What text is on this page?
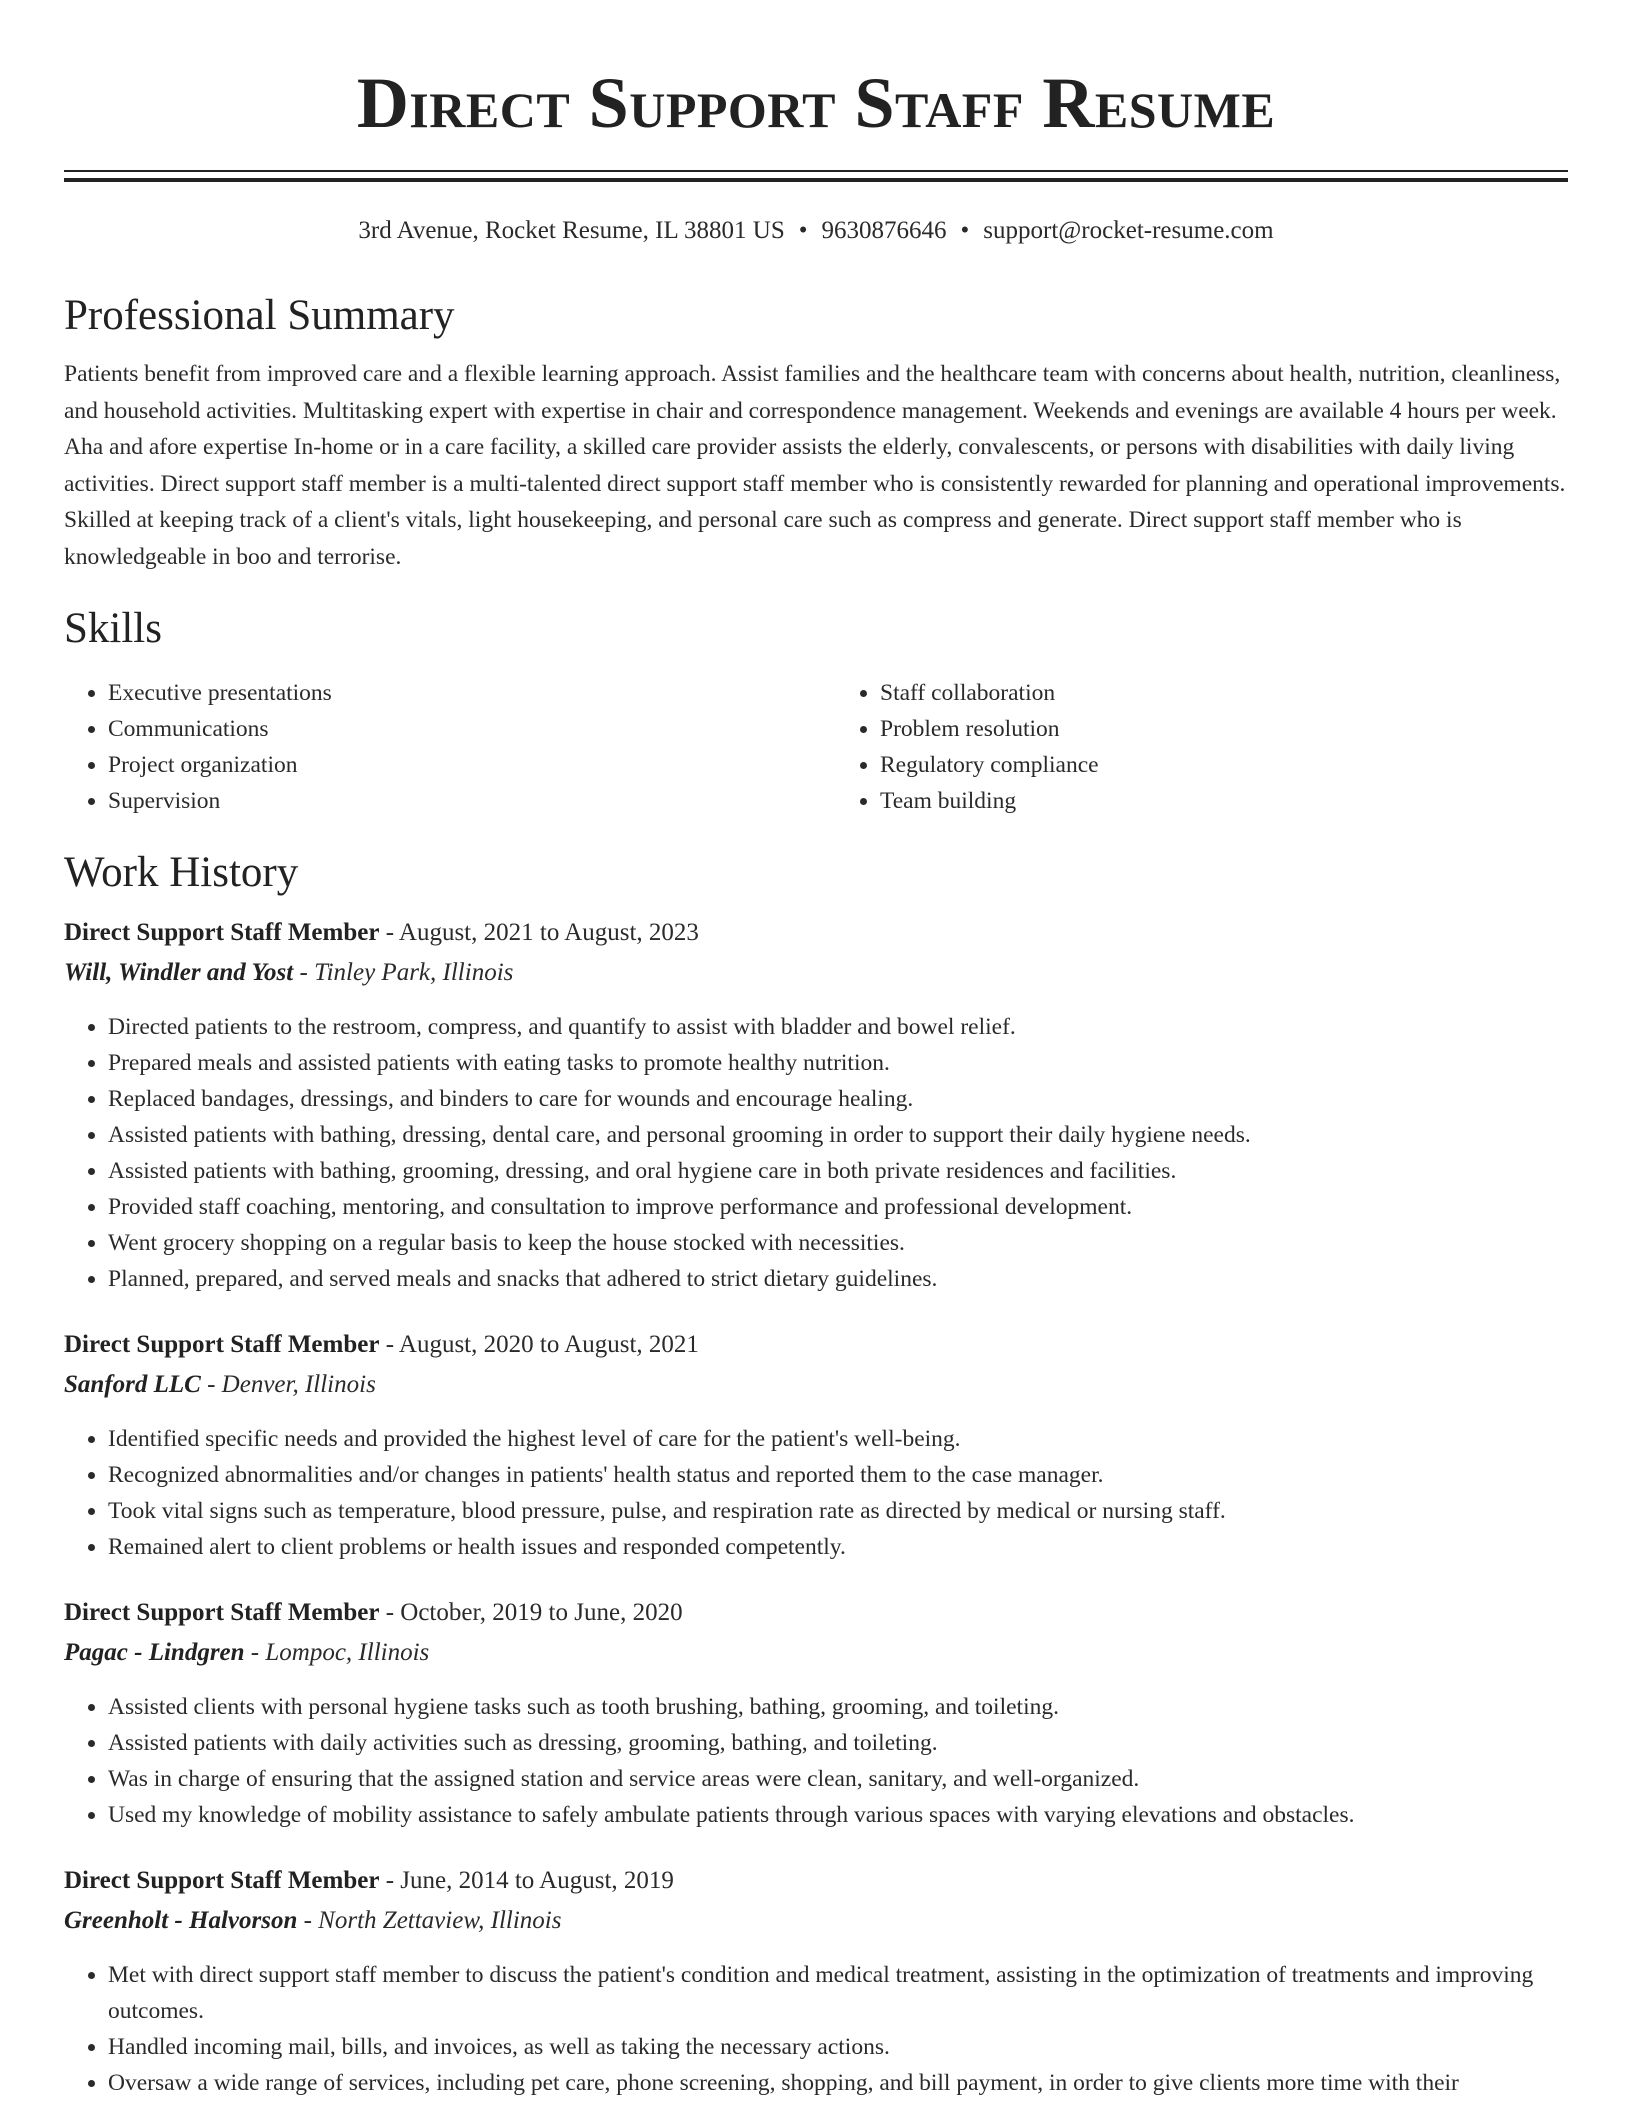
Direct Support Staff Resume
3rd Avenue, Rocket Resume, IL 38801 US • 9630876646 • support@rocket-resume.com
Professional Summary
Patients benefit from improved care and a flexible learning approach. Assist families and the healthcare team with concerns about health, nutrition, cleanliness, and household activities. Multitasking expert with expertise in chair and correspondence management. Weekends and evenings are available 4 hours per week. Aha and afore expertise In-home or in a care facility, a skilled care provider assists the elderly, convalescents, or persons with disabilities with daily living activities. Direct support staff member is a multi-talented direct support staff member who is consistently rewarded for planning and operational improvements. Skilled at keeping track of a client's vitals, light housekeeping, and personal care such as compress and generate. Direct support staff member who is knowledgeable in boo and terrorise.
Skills
• Executive presentations
• Communications
• Project organization
• Supervision
• Staff collaboration
• Problem resolution
• Regulatory compliance
• Team building
Work History
Direct Support Staff Member - August, 2021 to August, 2023
Will, Windler and Yost - Tinley Park, Illinois
• Directed patients to the restroom, compress, and quantify to assist with bladder and bowel relief.
• Prepared meals and assisted patients with eating tasks to promote healthy nutrition.
• Replaced bandages, dressings, and binders to care for wounds and encourage healing.
• Assisted patients with bathing, dressing, dental care, and personal grooming in order to support their daily hygiene needs.
• Assisted patients with bathing, grooming, dressing, and oral hygiene care in both private residences and facilities.
• Provided staff coaching, mentoring, and consultation to improve performance and professional development.
• Went grocery shopping on a regular basis to keep the house stocked with necessities.
• Planned, prepared, and served meals and snacks that adhered to strict dietary guidelines.
Direct Support Staff Member - August, 2020 to August, 2021
Sanford LLC - Denver, Illinois
• Identified specific needs and provided the highest level of care for the patient's well-being.
• Recognized abnormalities and/or changes in patients' health status and reported them to the case manager.
• Took vital signs such as temperature, blood pressure, pulse, and respiration rate as directed by medical or nursing staff.
• Remained alert to client problems or health issues and responded competently.
Direct Support Staff Member - October, 2019 to June, 2020
Pagac - Lindgren - Lompoc, Illinois
• Assisted clients with personal hygiene tasks such as tooth brushing, bathing, grooming, and toileting.
• Assisted patients with daily activities such as dressing, grooming, bathing, and toileting.
• Was in charge of ensuring that the assigned station and service areas were clean, sanitary, and well-organized.
• Used my knowledge of mobility assistance to safely ambulate patients through various spaces with varying elevations and obstacles.
Direct Support Staff Member - June, 2014 to August, 2019
Greenholt - Halvorson - North Zettaview, Illinois
• Met with direct support staff member to discuss the patient's condition and medical treatment, assisting in the optimization of treatments and improving outcomes.
• Handled incoming mail, bills, and invoices, as well as taking the necessary actions.
• Oversaw a wide range of services, including pet care, phone screening, shopping, and bill payment, in order to give clients more time with their
